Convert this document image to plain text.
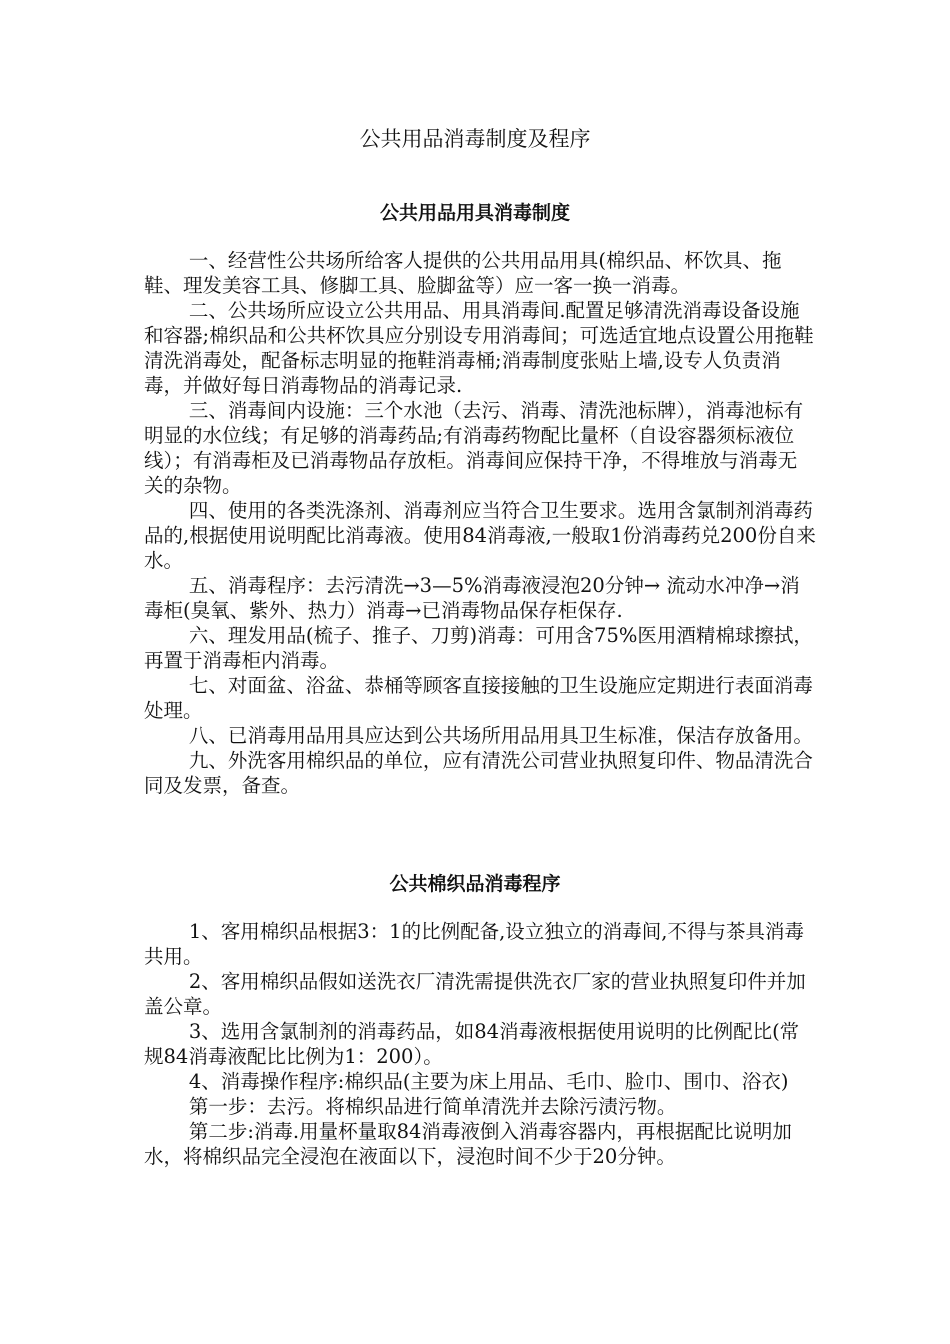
公共用品消毒制度及程序
公共用品用具消毒制度

一、经营性公共场所给客人提供的公共用品用具(棉织品、杯饮具、拖鞋、理发美容工具、修脚工具、脸脚盆等）应一客一换一消毒。

二、公共场所应设立公共用品、用具消毒间.配置足够清洗消毒设备设施和容器;棉织品和公共杯饮具应分别设专用消毒间；可选适宜地点设置公用拖鞋清洗消毒处，配备标志明显的拖鞋消毒桶;消毒制度张贴上墙,设专人负责消毒，并做好每日消毒物品的消毒记录.

三、消毒间内设施：三个水池（去污、消毒、清洗池标牌），消毒池标有明显的水位线；有足够的消毒药品;有消毒药物配比量杯（自设容器须标液位线）；有消毒柜及已消毒物品存放柜。消毒间应保持干净，不得堆放与消毒无关的杂物。

四、使用的各类洗涤剂、消毒剂应当符合卫生要求。选用含氯制剂消毒药品的,根据使用说明配比消毒液。使用84消毒液,一般取1份消毒药兑200份自来水。

五、消毒程序：去污清洗→3—5%消毒液浸泡20分钟→ 流动水冲净→消毒柜(臭氧、紫外、热力）消毒→已消毒物品保存柜保存.

六、理发用品(梳子、推子、刀剪)消毒：可用含75%医用酒精棉球擦拭，再置于消毒柜内消毒。

七、对面盆、浴盆、恭桶等顾客直接接触的卫生设施应定期进行表面消毒处理。

八、已消毒用品用具应达到公共场所用品用具卫生标准，保洁存放备用。

九、外洗客用棉织品的单位，应有清洗公司营业执照复印件、物品清洗合同及发票，备查。

公共棉织品消毒程序

1、客用棉织品根据3：1的比例配备,设立独立的消毒间,不得与茶具消毒共用。

2、客用棉织品假如送洗衣厂清洗需提供洗衣厂家的营业执照复印件并加盖公章。

3、选用含氯制剂的消毒药品，如84消毒液根据使用说明的比例配比(常规84消毒液配比比例为1：200）。

4、消毒操作程序:棉织品(主要为床上用品、毛巾、脸巾、围巾、浴衣)

第一步：去污。将棉织品进行简单清洗并去除污渍污物。

第二步:消毒.用量杯量取84消毒液倒入消毒容器内，再根据配比说明加水，将棉织品完全浸泡在液面以下，浸泡时间不少于20分钟。
